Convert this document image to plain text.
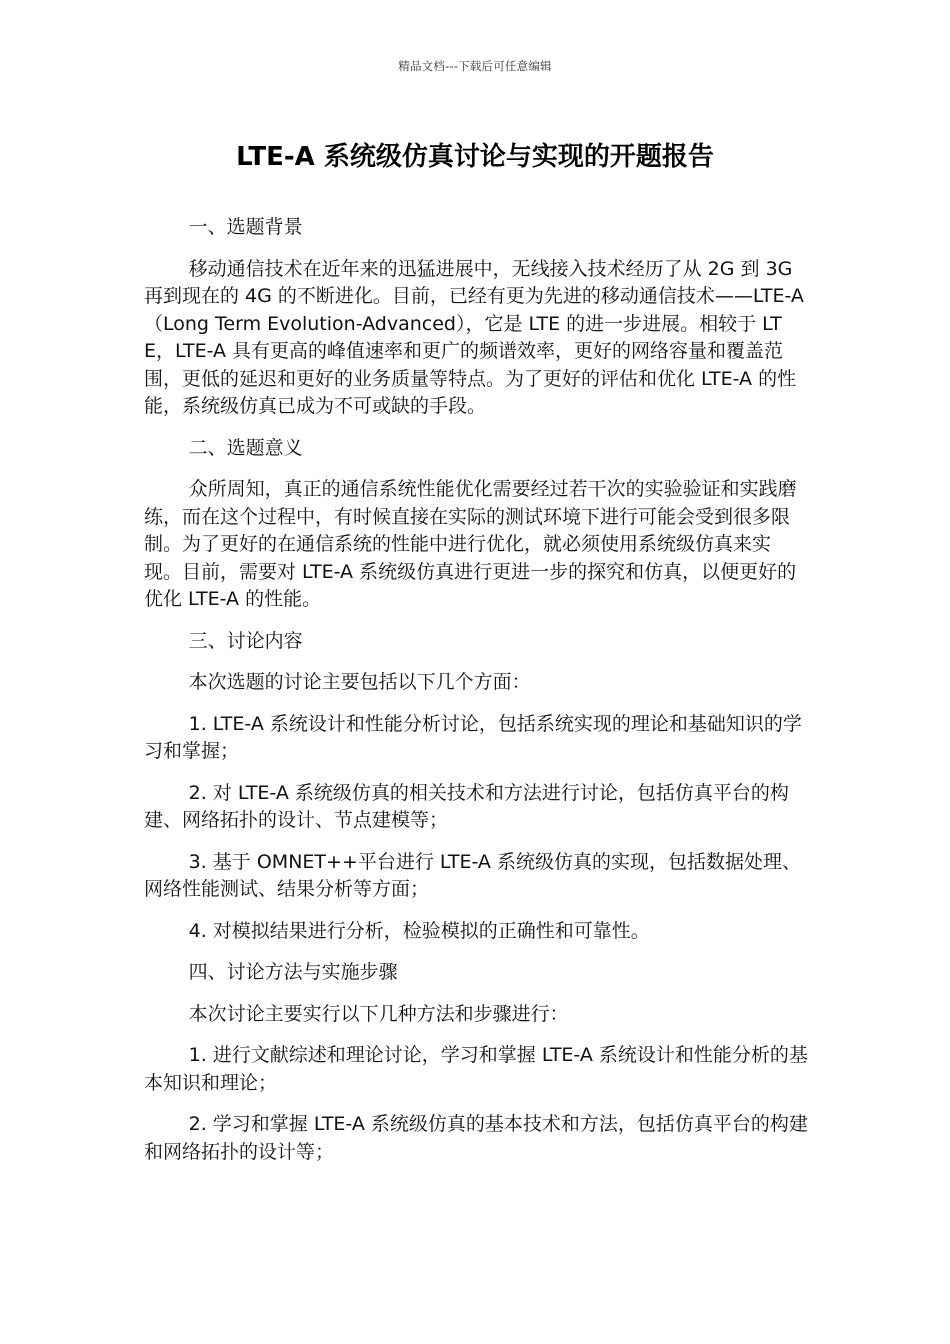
精品文档---下载后可任意编辑
LTE-A 系统级仿真讨论与实现的开题报告

一、选题背景

移动通信技术在近年来的迅猛进展中，无线接入技术经历了从 2G 到 3G 再到现在的 4G 的不断进化。目前，已经有更为先进的移动通信技术——LTE-A（Long Term Evolution-Advanced），它是 LTE 的进一步进展。相较于 LTE，LTE-A 具有更高的峰值速率和更广的频谱效率，更好的网络容量和覆盖范围，更低的延迟和更好的业务质量等特点。为了更好的评估和优化 LTE-A 的性能，系统级仿真已成为不可或缺的手段。

二、选题意义

众所周知，真正的通信系统性能优化需要经过若干次的实验验证和实践磨练，而在这个过程中，有时候直接在实际的测试环境下进行可能会受到很多限制。为了更好的在通信系统的性能中进行优化，就必须使用系统级仿真来实现。目前，需要对 LTE-A 系统级仿真进行更进一步的探究和仿真，以便更好的优化 LTE-A 的性能。

三、讨论内容

本次选题的讨论主要包括以下几个方面：

1. LTE-A 系统设计和性能分析讨论，包括系统实现的理论和基础知识的学习和掌握；

2. 对 LTE-A 系统级仿真的相关技术和方法进行讨论，包括仿真平台的构建、网络拓扑的设计、节点建模等；

3. 基于 OMNET++平台进行 LTE-A 系统级仿真的实现，包括数据处理、网络性能测试、结果分析等方面；

4. 对模拟结果进行分析，检验模拟的正确性和可靠性。

四、讨论方法与实施步骤

本次讨论主要实行以下几种方法和步骤进行：

1. 进行文献综述和理论讨论，学习和掌握 LTE-A 系统设计和性能分析的基本知识和理论；

2. 学习和掌握 LTE-A 系统级仿真的基本技术和方法，包括仿真平台的构建和网络拓扑的设计等；
